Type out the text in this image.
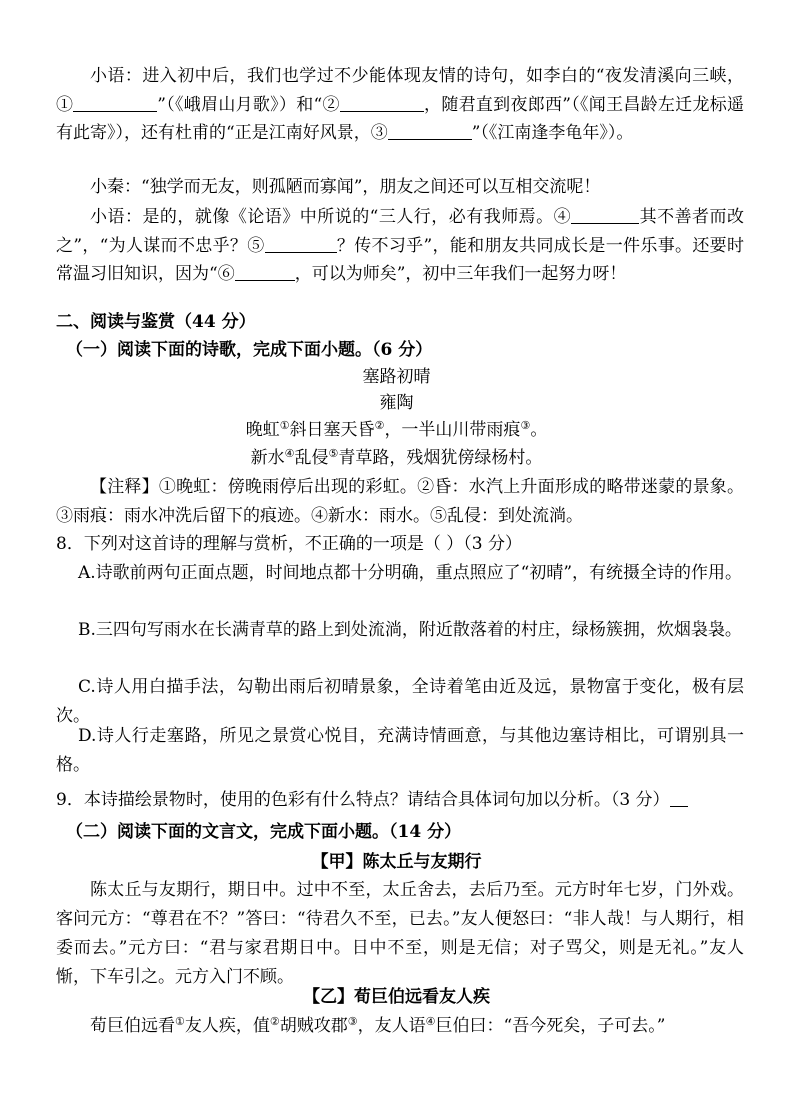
小语：进入初中后，我们也学过不少能体现友情的诗句，如李白的“夜发清溪向三峡，①	”（《峨眉山月歌》）和“②	，随君直到夜郎西”（《闻王昌龄左迁龙标遥有此寄》），还有杜甫的“正是江南好风景，③	”（《江南逢李龟年》）。
小秦：“独学而无友，则孤陋而寡闻”，朋友之间还可以互相交流呢！
小语：是的，就像《论语》中所说的“三人行，必有我师焉。④	其不善者而改之”，“为人谋而不忠乎？⑤	？传不习乎”，能和朋友共同成长是一件乐事。还要时常温习旧知识，因为“⑥	，可以为师矣”，初中三年我们一起努力呀！
二、阅读与鉴赏（44 分）
（一）阅读下面的诗歌，完成下面小题。（6 分）
塞路初晴
雍陶
晚虹①斜日塞天昏②，一半山川带雨痕③。
新水④乱侵⑤青草路，残烟犹傍绿杨村。
【注释】①晚虹：傍晚雨停后出现的彩虹。②昏：水汽上升面形成的略带迷蒙的景象。③雨痕：雨水冲洗后留下的痕迹。④新水：雨水。⑤乱侵：到处流淌。
8．下列对这首诗的理解与赏析，不正确的一项是（ ）（3 分）
A.诗歌前两句正面点题，时间地点都十分明确，重点照应了“初晴”，有统摄全诗的作用。
B.三四句写雨水在长满青草的路上到处流淌，附近散落着的村庄，绿杨簇拥，炊烟袅袅。
C.诗人用白描手法，勾勒出雨后初晴景象，全诗着笔由近及远，景物富于变化，极有层次。
D.诗人行走塞路，所见之景赏心悦目，充满诗情画意，与其他边塞诗相比，可谓别具一格。
9．本诗描绘景物时，使用的色彩有什么特点？请结合具体词句加以分析。（3 分）
（二）阅读下面的文言文，完成下面小题。（14 分）
【甲】陈太丘与友期行
陈太丘与友期行，期日中。过中不至，太丘舍去，去后乃至。元方时年七岁，门外戏。客问元方：“尊君在不？”答曰：“待君久不至，已去。”友人便怒曰：“非人哉！与人期行，相委而去。”元方曰：“君与家君期日中。日中不至，则是无信；对子骂父，则是无礼。”友人惭，下车引之。元方入门不顾。
【乙】荀巨伯远看友人疾
荀巨伯远看①友人疾，值②胡贼攻郡③，友人语④巨伯曰：“吾今死矣，子可去。”
